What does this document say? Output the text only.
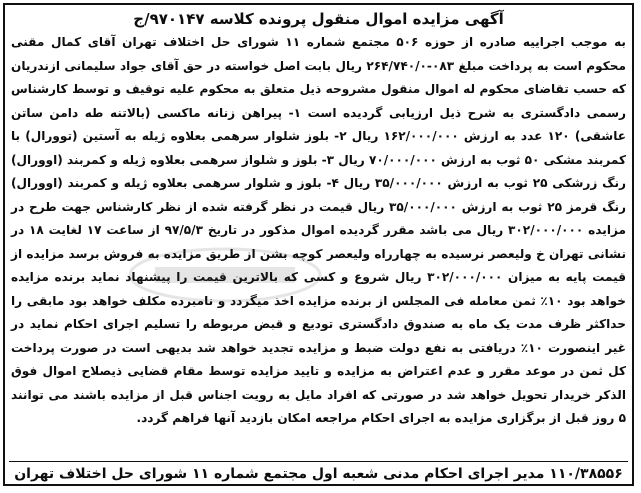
آگهی مزایده اموال منقول پرونده کلاسه ۹۷۰۱۴۷/ج

به موجب اجراییه صادره از حوزه ۵۰۶ مجتمع شماره ۱۱ شورای حل اختلاف تهران آقای کمال مقنی محکوم است به پرداخت مبلغ ۰۸۳-۲۶۴/۷۴۰/۰ ریال بابت اصل خواسته در حق آقای جواد سلیمانی ازندریان که حسب تقاضای محکوم له اموال منقول مشروحه ذیل متعلق به محکوم علیه توقیف و توسط کارشناس رسمی دادگستری به شرح ذیل ارزیابی گردیده است ۱- پیراهن زنانه ماکسی (بالاتنه طه دامن ساتن عاشقی) ۱۲۰ عدد به ارزش ۱۶۲/۰۰۰/۰۰۰ ریال ۲- بلوز شلوار سرهمی بعلاوه ژیله به آستین (توورال) با کمربند مشکی ۵۰ ثوب به ارزش ۷۰/۰۰۰/۰۰۰ ریال ۳- بلوز و شلواز سرهمی بعلاوه ژیله و کمربند (اوورال) رنگ زرشکی ۲۵ ثوب به ارزش ۳۵/۰۰۰/۰۰۰ ریال ۴- بلوز و شلوار سرهمی بعلاوه ژیله و کمربند (اوورال) رنگ قرمز ۲۵ ثوب به ارزش ۳۵/۰۰۰/۰۰۰ ریال قیمت در نظر گرفته شده از نظر کارشناس جهت طرح در مزایده ۳۰۲/۰۰۰/۰۰۰ ریال می باشد مقرر گردیده اموال مذکور در تاریخ ۹۷/۵/۳ از ساعت ۱۷ لغایت ۱۸ در نشانی تهران خ ولیعصر نرسیده به چهارراه ولیعصر کوچه بشن از طریق مزایده به فروش برسد مزایده از قیمت پایه به میزان ۳۰۲/۰۰۰/۰۰۰ ریال شروع و کسی که بالاترین قیمت را پیشنهاد نماید برنده مزایده خواهد بود ۱۰٪ ثمن معامله فی المجلس از برنده مزایده اخذ میگردد و نامبرده مکلف خواهد بود مابقی را حداکثر ظرف مدت یک ماه به صندوق دادگستری تودیع و قبض مربوطه را تسلیم اجرای احکام نماید در غیر اینصورت ۱۰٪ دریافتی به نفع دولت ضبط و مزایده تجدید خواهد شد بدیهی است در صورت پرداخت کل ثمن در موعد مقرر و عدم اعتراض به مزایده و تایید مزایده توسط مقام قضایی ذیصلاح اموال فوق الذکر خریدار تحویل خواهد شد در صورتی که افراد مایل به رویت اجناس قبل از مزایده باشند می توانند ۵ روز قبل از برگزاری مزایده به اجرای احکام مراجعه امکان بازدید آنها فراهم گردد.

۱۱۰/۳۸۵۵۶ مدیر اجرای احکام مدنی شعبه اول مجتمع شماره ۱۱ شورای حل اختلاف تهران
